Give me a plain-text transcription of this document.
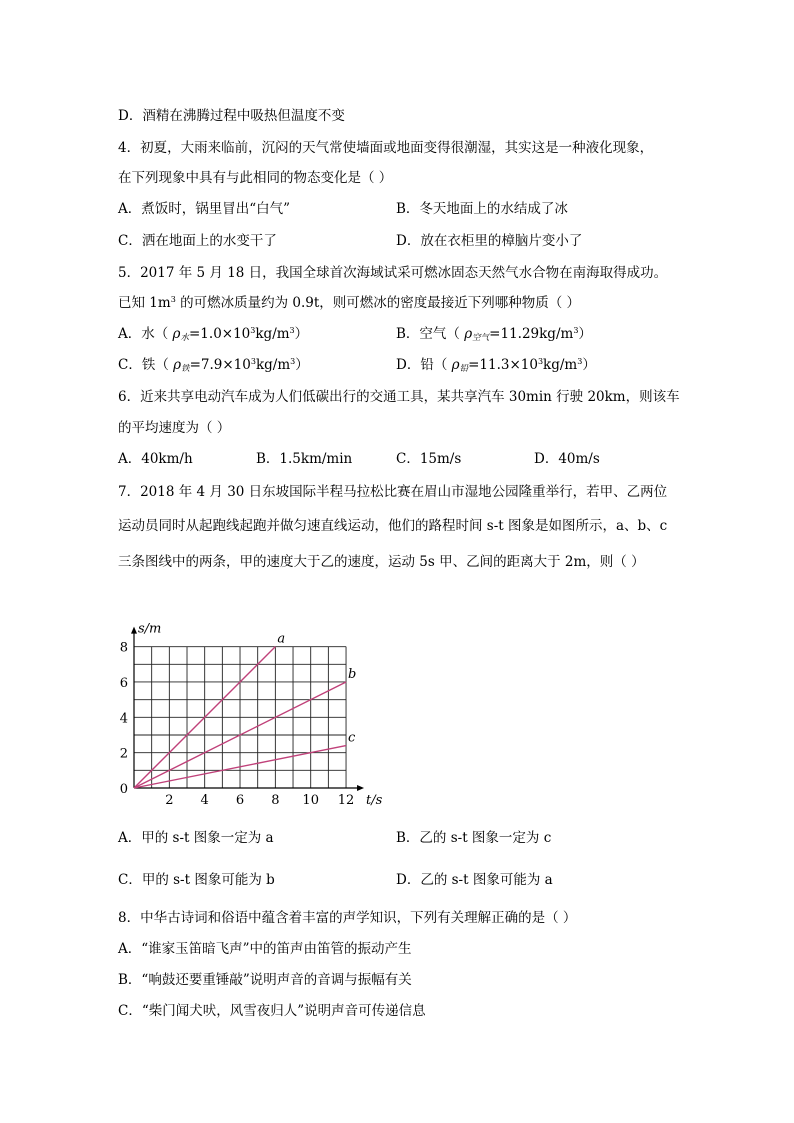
D．酒精在沸腾过程中吸热但温度不变
4．初夏，大雨来临前，沉闷的天气常使墙面或地面变得很潮湿，其实这是一种液化现象，
在下列现象中具有与此相同的物态变化是（ ）
A．煮饭时，锅里冒出“白气”	B．冬天地面上的水结成了冰
C．洒在地面上的水变干了	D．放在衣柜里的樟脑片变小了
5．2017 年 5 月 18 日，我国全球首次海域试采可燃冰固态天然气水合物在南海取得成功。
已知 $1m^3$ 的可燃冰质量约为 0.9t，则可燃冰的密度最接近下列哪种物质（ ）
A．水（ $\rho_水=1.0\times 10^3kg/m^3$）	B．空气（ $\rho_{空气}=11.29kg/m^3$）
C．铁（ $\rho_铁=7.9\times 10^3kg/m^3$）	D．铅（ $\rho_铅=11.3\times 10^3kg/m^3$）
6．近来共享电动汽车成为人们低碳出行的交通工具，某共享汽车 30min 行驶 20km，则该车
的平均速度为（ ）
A．40km/h	B．1.5km/min	C．15m/s	D．40m/s
7．2018 年 4 月 30 日东坡国际半程马拉松比赛在眉山市湿地公园隆重举行，若甲、乙两位
运动员同时从起跑线起跑并做匀速直线运动，他们的路程时间 s-t 图象是如图所示，a、b、c
三条图线中的两条，甲的速度大于乙的速度，运动 5s 甲、乙间的距离大于 2m，则（ ）
a
b
c
2 4 6 8 10 12
8
6
4
2
0
s/m
t/s
A．甲的 s-t 图象一定为 a	B．乙的 s-t 图象一定为 c
C．甲的 s-t 图象可能为 b	D．乙的 s-t 图象可能为 a
8．中华古诗词和俗语中蕴含着丰富的声学知识，下列有关理解正确的是（ ）
A．“谁家玉笛暗飞声”中的笛声由笛管的振动产生
B．“响鼓还要重锤敲”说明声音的音调与振幅有关
C．“柴门闻犬吠，风雪夜归人”说明声音可传递信息
